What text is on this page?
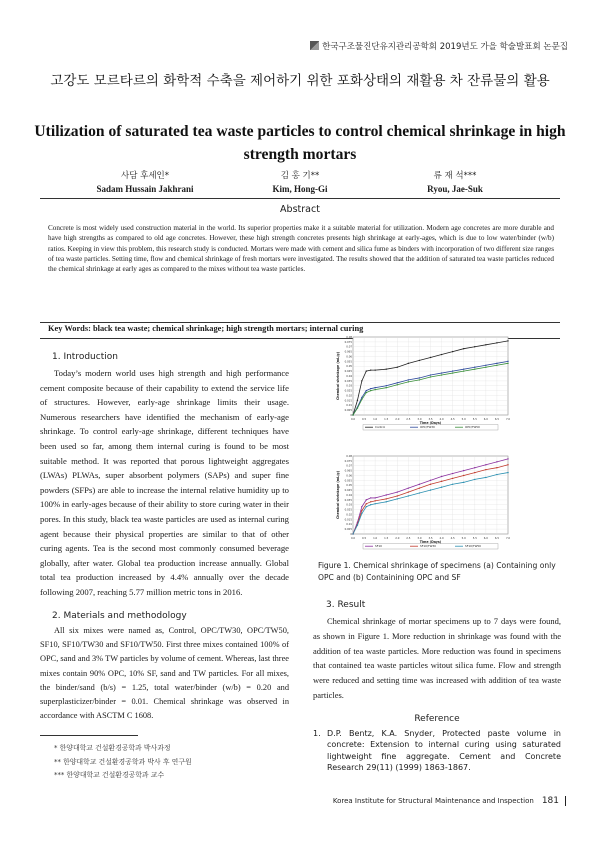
한국구조물진단유지관리공학회 2019년도 가을 학술발표회 논문집
고강도 모르타르의 화학적 수축을 제어하기 위한 포화상태의 재활용 차 잔류물의 활용
Utilization of saturated tea waste particles to control chemical shrinkage in high strength mortars
사담 후세인*
Sadam Hussain Jakhrani
김 홍 기**
Kim, Hong-Gi
류 재 석***
Ryou, Jae-Suk
Abstract
Concrete is most widely used construction material in the world. Its superior properties make it a suitable material for utilization. Modern age concretes are more durable and have high strengths as compared to old age concretes. However, these high strength concretes presents high shrinkage at early-ages, which is due to low water/binder (w/b) ratios. Keeping in view this problem, this research study is conducted. Mortars were made with cement and silica fume as binders with incorporation of two different size ranges of tea waste particles. Setting time, flow and chemical shrinkage of fresh mortars were investigated. The results showed that the addition of saturated tea waste particles reduced the chemical shrinkage at early ages as compared to the mixes without tea waste particles.
Key Words: black tea waste; chemical shrinkage; high strength mortars; internal curing
1. Introduction

Today’s modern world uses high strength and high performance cement composite because of their capability to extend the service life of structures. However, early-age shrinkage limits their usage. Numerous researchers have identified the mechanism of early-age shrinkage. To control early-age shrinkage, different techniques have been used so far, among them internal curing is found to be most suitable method. It was reported that porous lightweight aggregates (LWAs) PLWAs, super absorbent polymers (SAPs) and super fine powders (SFPs) are able to increase the internal relative humidity up to 100% in early-ages because of their ability to store curing water in their pores. In this study, black tea waste particles are used as internal curing agent because their physical properties are similar to that of other curing agents. Tea is the second most commonly consumed beverage globally, after water. Global tea production increase annually. Global total tea production increased by 4.4% annually over the decade following 2007, reaching 5.77 million metric tons in 2016.

2. Materials and methodology

All six mixes were named as, Control, OPC/TW30, OPC/TW50, SF10, SF10/TW30 and SF10/TW50. First three mixes contained 100% of OPC, sand and 3% TW particles by volume of cement. Whereas, last three mixes contain 90% OPC, 10% SF, sand and TW particles. For all mixes, the binder/sand (b/s) = 1.25, total water/binder (w/b) = 0.20 and superplasticizer/binder = 0.01. Chemical shrinkage was observed in accordance with ASCTM C 1608.

* 한양대학교 건설환경공학과 박사과정
** 한양대학교 건설환경공학과 박사 후 연구원
*** 한양대학교 건설환경공학과 교수
0.0	0.5	1.0	1.5	2.0	2.5	3.0	3.5	4.0	4.5	5.0	5.5	6.0	6.5	7.0
0
0.005
0.01
0.015
0.02
0.025
0.03
0.035
0.04
0.045
0.05
0.055
0.06
0.065
0.07
0.075
0.08
Time (Days)
Chemical shrinkage (mL/g)
Control	OPC/TW30	OPC/TW50
0.0	0.5	1.0	1.5	2.0	2.5	3.0	3.5	4.0	4.5	5.0	5.5	6.0	6.5	7.0
0
0.005
0.01
0.015
0.02
0.025
0.03
0.035
0.04
0.045
0.05
0.055
0.06
0.065
0.07
0.075
0.08
Time (Days)
Chemical shrinkage (mL/g)
SF10	SF10/TW30	SF10/TW50
Figure 1. Chemical shrinkage of specimens (a) Containing only OPC and (b) Containining OPC and SF
3. Result

Chemical shrinkage of mortar specimens up to 7 days were found, as shown in Figure 1. More reduction in shrinkage was found with the addition of tea waste particles. More reduction was found in specimens that contained tea waste particles witout silica fume. Flow and strength were reduced and setting time was increased with addition of tea waste particles.

Reference
1. D.P. Bentz, K.A. Snyder, Protected paste volume in concrete: Extension to internal curing using saturated lightweight fine aggregate. Cement and Concrete Research 29(11) (1999) 1863-1867.
Korea Institute for Structural Maintenance and Inspection 181
